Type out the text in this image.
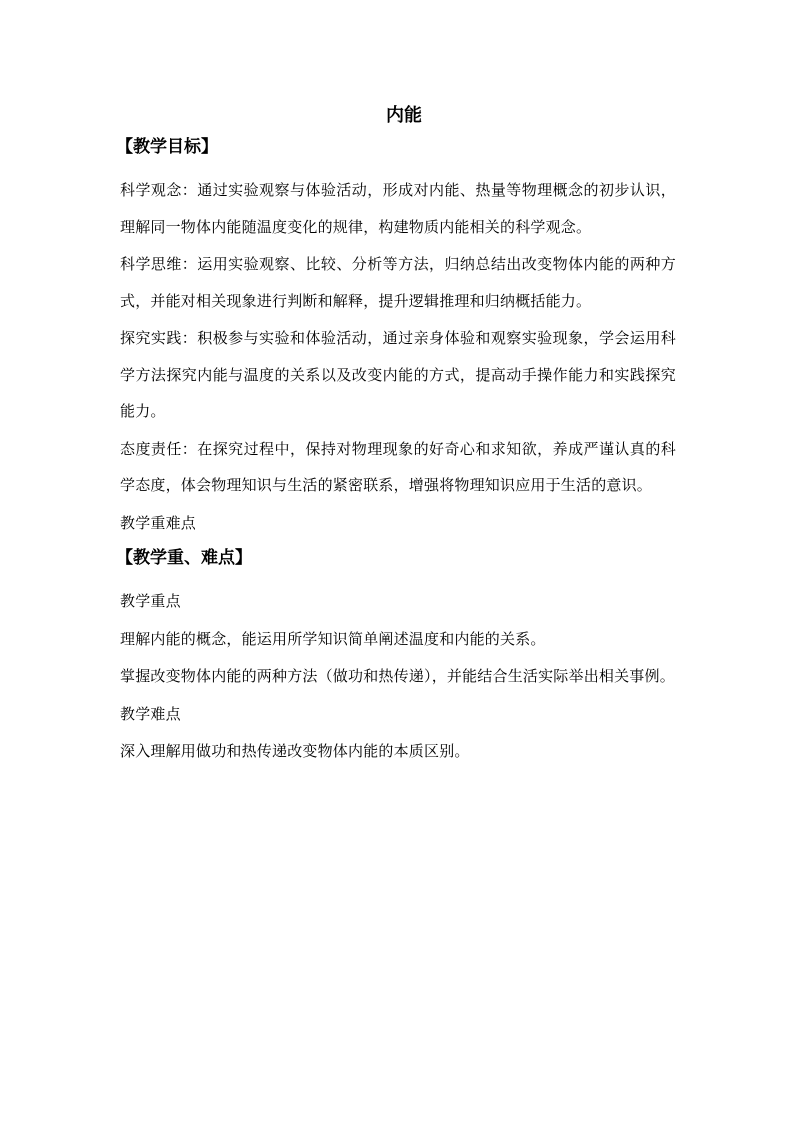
内能
【教学目标】

科学观念：通过实验观察与体验活动，形成对内能、热量等物理概念的初步认识，理解同一物体内能随温度变化的规律，构建物质内能相关的科学观念。

科学思维：运用实验观察、比较、分析等方法，归纳总结出改变物体内能的两种方式，并能对相关现象进行判断和解释，提升逻辑推理和归纳概括能力。

探究实践：积极参与实验和体验活动，通过亲身体验和观察实验现象，学会运用科学方法探究内能与温度的关系以及改变内能的方式，提高动手操作能力和实践探究能力。

态度责任：在探究过程中，保持对物理现象的好奇心和求知欲，养成严谨认真的科学态度，体会物理知识与生活的紧密联系，增强将物理知识应用于生活的意识。

教学重难点

【教学重、难点】

教学重点

理解内能的概念，能运用所学知识简单阐述温度和内能的关系。

掌握改变物体内能的两种方法（做功和热传递），并能结合生活实际举出相关事例。

教学难点

深入理解用做功和热传递改变物体内能的本质区别。
